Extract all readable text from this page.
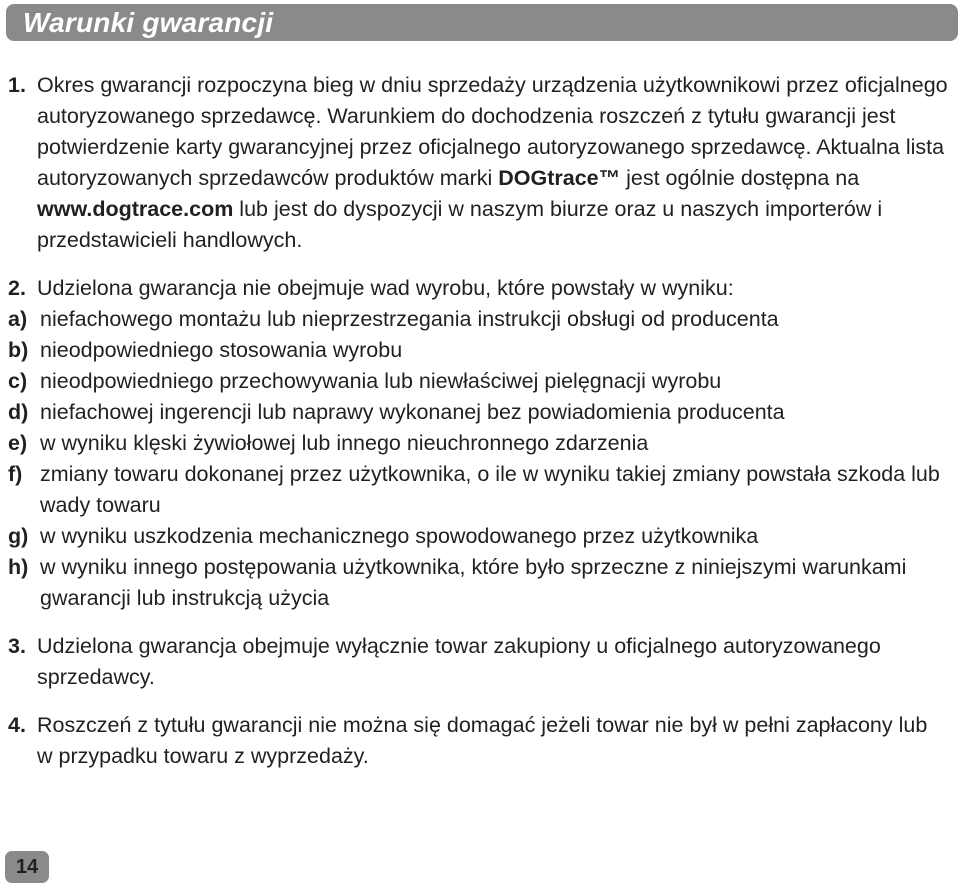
Warunki gwarancji
1. Okres gwarancji rozpoczyna bieg w dniu sprzedaży urządzenia użytkownikowi przez oficjalnego autoryzowanego sprzedawcę. Warunkiem do dochodzenia roszczeń z tytułu gwarancji jest potwierdzenie karty gwarancyjnej przez oficjalnego autoryzowanego sprzedawcę. Aktualna lista autoryzowanych sprzedawców produktów marki DOGtrace™ jest ogólnie dostępna na www.dogtrace.com lub jest do dyspozycji w naszym biurze oraz u naszych importerów i przedstawicieli handlowych.
2. Udzielona gwarancja nie obejmuje wad wyrobu, które powstały w wyniku:
a) niefachowego montażu lub nieprzestrzegania instrukcji obsługi od producenta
b) nieodpowiedniego stosowania wyrobu
c) nieodpowiedniego przechowywania lub niewłaściwej pielęgnacji wyrobu
d) niefachowej ingerencji lub naprawy wykonanej bez powiadomienia producenta
e) w wyniku klęski żywiołowej lub innego nieuchronnego zdarzenia
f) zmiany towaru dokonanej przez użytkownika, o ile w wyniku takiej zmiany powstała szkoda lub wady towaru
g) w wyniku uszkodzenia mechanicznego spowodowanego przez użytkownika
h) w wyniku innego postępowania użytkownika, które było sprzeczne z niniejszymi warunkami gwarancji lub instrukcją użycia
3. Udzielona gwarancja obejmuje wyłącznie towar zakupiony u oficjalnego autoryzowanego sprzedawcy.
4. Roszczeń z tytułu gwarancji nie można się domagać jeżeli towar nie był w pełni zapłacony lub w przypadku towaru z wyprzedaży.
14
